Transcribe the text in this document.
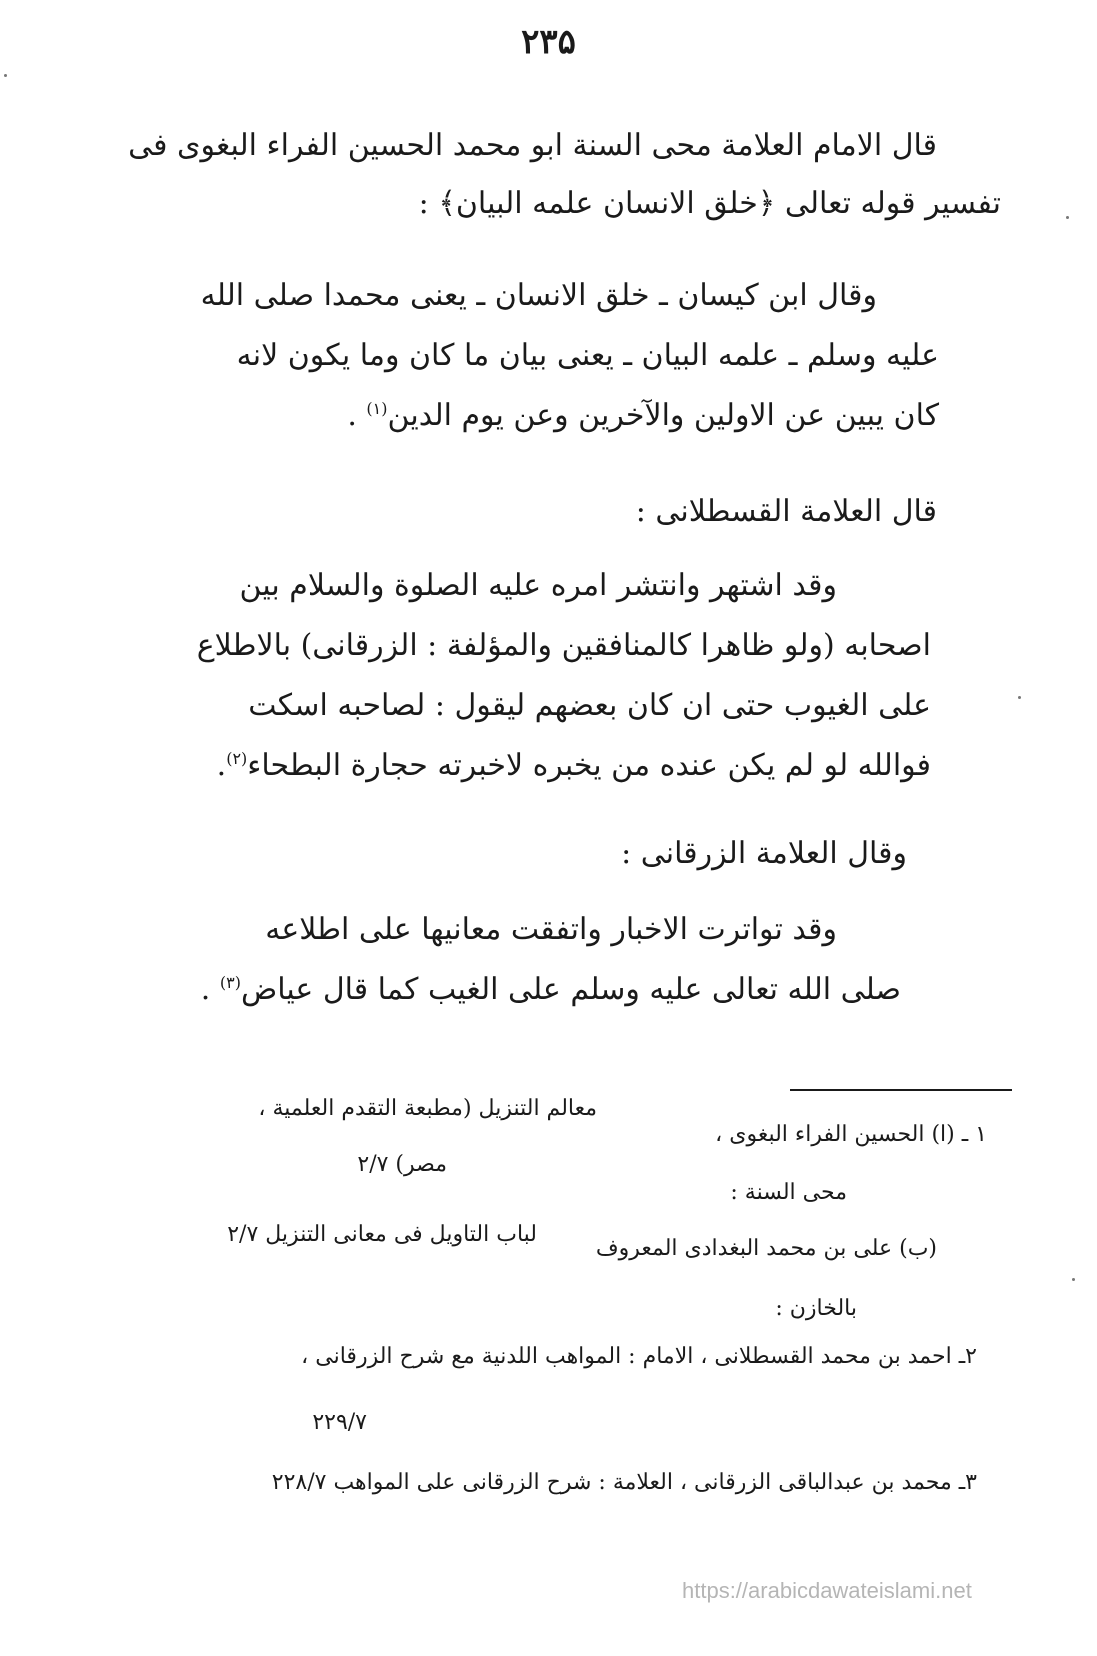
۲۳۵
قال الامام العلامة محى السنة ابو محمد الحسين الفراء البغوى فى
تفسير قوله تعالى ﴿خلق الانسان علمه البيان﴾ :
وقال ابن كيسان ـ خلق الانسان ـ يعنى محمدا صلى الله
عليه وسلم ـ علمه البيان ـ يعنى بيان ما كان وما يكون لانه
كان يبين عن الاولين والآخرين وعن يوم الدين$^{(١)}$ .
قال العلامة القسطلانى :
وقد اشتهر وانتشر امره عليه الصلوة والسلام بين
اصحابه (ولو ظاهرا كالمنافقين والمؤلفة : الزرقانى) بالاطلاع
على الغيوب حتى ان كان بعضهم ليقول : لصاحبه اسكت
فوالله لو لم يكن عنده من يخبره لاخبرته حجارة البطحاء$^{(٢)}$.
وقال العلامة الزرقانى :
وقد تواترت الاخبار واتفقت معانيها على اطلاعه
صلى الله تعالى عليه وسلم على الغيب كما قال عياض$^{(٣)}$ .
١ ـ (ا) الحسين الفراء البغوى ،
معالم التنزيل (مطبعة التقدم العلمية ،
محى السنة :
مصر) ۲/۷
(ب) على بن محمد البغدادى المعروف
لباب التاويل فى معانى التنزيل ۲/۷
بالخازن :
۲ـ احمد بن محمد القسطلانى ، الامام : المواهب اللدنية مع شرح الزرقانى ،
۲۲۹/۷
۳ـ محمد بن عبدالباقى الزرقانى ، العلامة : شرح الزرقانى على المواهب ۲۲۸/۷
https://arabicdawateislami.net
